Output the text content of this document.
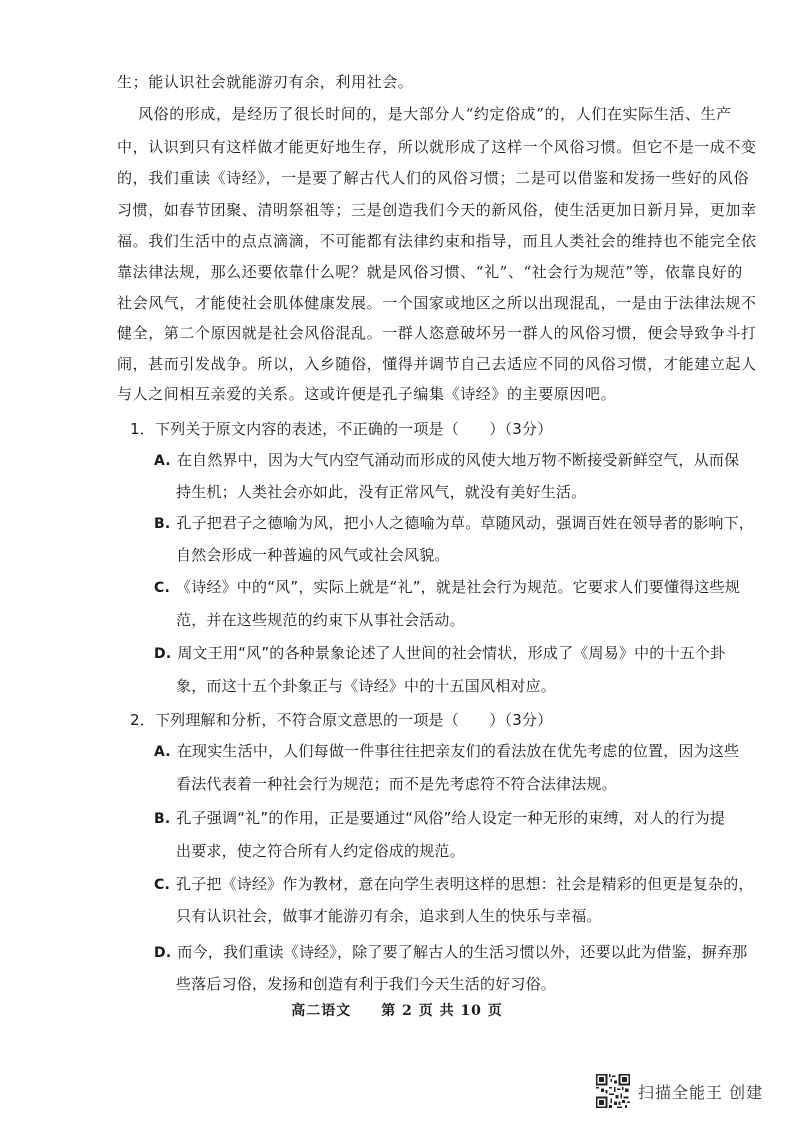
生；能认识社会就能游刃有余，利用社会。
风俗的形成，是经历了很长时间的，是大部分人“约定俗成”的，人们在实际生活、生产
中，认识到只有这样做才能更好地生存，所以就形成了这样一个风俗习惯。但它不是一成不变
的，我们重读《诗经》，一是要了解古代人们的风俗习惯；二是可以借鉴和发扬一些好的风俗
习惯，如春节团聚、清明祭祖等；三是创造我们今天的新风俗，使生活更加日新月异，更加幸
福。我们生活中的点点滴滴，不可能都有法律约束和指导，而且人类社会的维持也不能完全依
靠法律法规，那么还要依靠什么呢？就是风俗习惯、“礼”、“社会行为规范”等，依靠良好的
社会风气，才能使社会肌体健康发展。一个国家或地区之所以出现混乱，一是由于法律法规不
健全，第二个原因就是社会风俗混乱。一群人恣意破坏另一群人的风俗习惯，便会导致争斗打
闹，甚而引发战争。所以，入乡随俗，懂得并调节自己去适应不同的风俗习惯，才能建立起人
与人之间相互亲爱的关系。这或许便是孔子编集《诗经》的主要原因吧。
1．下列关于原文内容的表述，不正确的一项是（　　）（3分）
A. 在自然界中，因为大气内空气涌动而形成的风使大地万物不断接受新鲜空气，从而保
持生机；人类社会亦如此，没有正常风气，就没有美好生活。
B. 孔子把君子之德喻为风，把小人之德喻为草。草随风动，强调百姓在领导者的影响下，
自然会形成一种普遍的风气或社会风貌。
C. 《诗经》中的“风”，实际上就是“礼”，就是社会行为规范。它要求人们要懂得这些规
范，并在这些规范的约束下从事社会活动。
D. 周文王用“风”的各种景象论述了人世间的社会情状，形成了《周易》中的十五个卦
象，而这十五个卦象正与《诗经》中的十五国风相对应。
2．下列理解和分析，不符合原文意思的一项是（　　）（3分）
A. 在现实生活中，人们每做一件事往往把亲友们的看法放在优先考虑的位置，因为这些
看法代表着一种社会行为规范；而不是先考虑符不符合法律法规。
B. 孔子强调“礼”的作用，正是要通过“风俗”给人设定一种无形的束缚，对人的行为提
出要求，使之符合所有人约定俗成的规范。
C. 孔子把《诗经》作为教材，意在向学生表明这样的思想：社会是精彩的但更是复杂的，
只有认识社会，做事才能游刃有余，追求到人生的快乐与幸福。
D. 而今，我们重读《诗经》，除了要了解古人的生活习惯以外，还要以此为借鉴，摒弃那
些落后习俗，发扬和创造有利于我们今天生活的好习俗。
高二语文　　第 2 页 共 10 页
扫描全能王 创建
